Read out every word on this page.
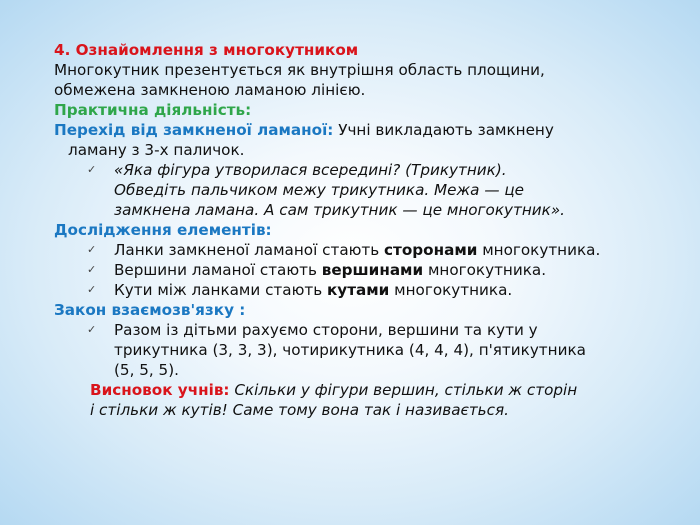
4. Ознайомлення з многокутником
Многокутник презентується як внутрішня область площини,
обмежена замкненою ламаною лінією.
Практична діяльність:
Перехід від замкненої ламаної: Учні викладають замкнену
ламану з 3-х паличок.
✓ «Яка фігура утворилася всередині? (Трикутник).
Обведіть пальчиком межу трикутника. Межа — це
замкнена ламана. А сам трикутник — це многокутник».
Дослідження елементів:
✓ Ланки замкненої ламаної стають сторонами многокутника.
✓ Вершини ламаної стають вершинами многокутника.
✓ Кути між ланками стають кутами многокутника.
Закон взаємозв'язку :
✓ Разом із дітьми рахуємо сторони, вершини та кути у
трикутника (3, 3, 3), чотирикутника (4, 4, 4), п'ятикутника
(5, 5, 5).
Висновок учнів: Скільки у фігури вершин, стільки ж сторін
і стільки ж кутів! Саме тому вона так і називається.
